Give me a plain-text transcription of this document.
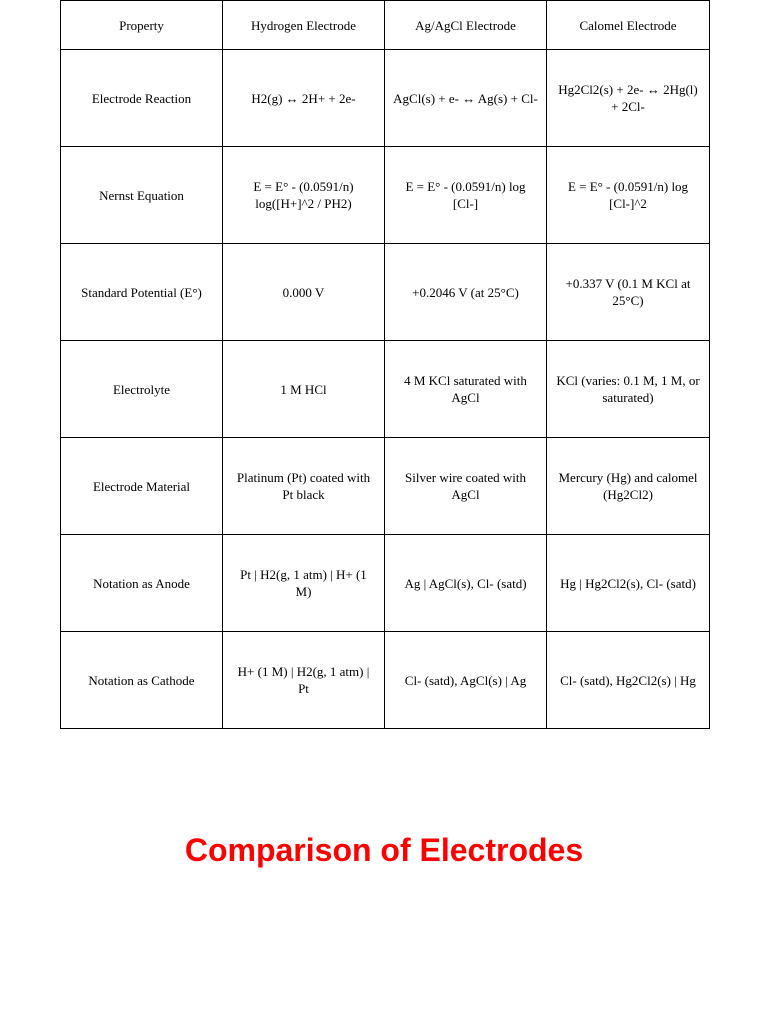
Property	Hydrogen Electrode	Ag/AgCl Electrode	Calomel Electrode
Electrode Reaction	H2(g) ↔ 2H+ + 2e-	AgCl(s) + e- ↔ Ag(s) + Cl-	Hg2Cl2(s) + 2e- ↔ 2Hg(l) + 2Cl-
Nernst Equation	E = E° - (0.0591/n) log([H+]^2 / PH2)	E = E° - (0.0591/n) log [Cl-]	E = E° - (0.0591/n) log [Cl-]^2
Standard Potential (E°)	0.000 V	+0.2046 V (at 25°C)	+0.337 V (0.1 M KCl at 25°C)
Electrolyte	1 M HCl	4 M KCl saturated with AgCl	KCl (varies: 0.1 M, 1 M, or saturated)
Electrode Material	Platinum (Pt) coated with Pt black	Silver wire coated with AgCl	Mercury (Hg) and calomel (Hg2Cl2)
Notation as Anode	Pt | H2(g, 1 atm) | H+ (1 M)	Ag | AgCl(s), Cl- (satd)	Hg | Hg2Cl2(s), Cl- (satd)
Notation as Cathode	H+ (1 M) | H2(g, 1 atm) | Pt	Cl- (satd), AgCl(s) | Ag	Cl- (satd), Hg2Cl2(s) | Hg
Comparison of Electrodes
